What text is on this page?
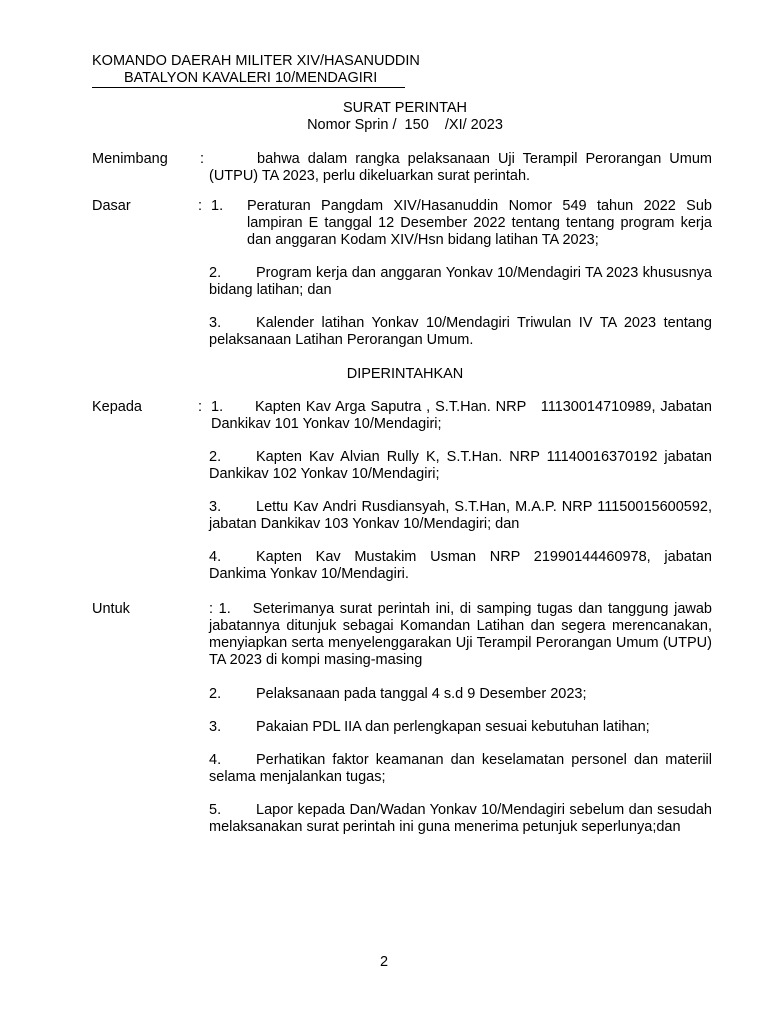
KOMANDO DAERAH MILITER XIV/HASANUDDIN
BATALYON KAVALERI 10/MENDAGIRI
SURAT PERINTAH
Nomor Sprin /  150    /XI/ 2023
Menimbang :	bahwa dalam rangka pelaksanaan Uji Terampil Perorangan Umum (UTPU) TA 2023, perlu dikeluarkan surat perintah.
Dasar	: 1. Peraturan Pangdam XIV/Hasanuddin Nomor 549 tahun 2022 Sub lampiran E tanggal 12 Desember 2022 tentang tentang program kerja dan anggaran Kodam XIV/Hsn bidang latihan TA 2023;
2. Program kerja dan anggaran Yonkav 10/Mendagiri TA 2023 khususnya bidang latihan; dan
3. Kalender latihan Yonkav 10/Mendagiri Triwulan IV TA 2023 tentang pelaksanaan Latihan Perorangan Umum.
DIPERINTAHKAN
Kepada	: 1. Kapten Kav Arga Saputra , S.T.Han. NRP   11130014710989, Jabatan Dankikav 101 Yonkav 10/Mendagiri;
2. Kapten Kav Alvian Rully K, S.T.Han. NRP 11140016370192 jabatan Dankikav 102 Yonkav 10/Mendagiri;
3. Lettu Kav Andri Rusdiansyah, S.T.Han, M.A.P. NRP 11150015600592, jabatan Dankikav 103 Yonkav 10/Mendagiri; dan
4. Kapten Kav Mustakim Usman NRP 21990144460978, jabatan Dankima Yonkav 10/Mendagiri.
Untuk	: 1. Seterimanya surat perintah ini, di samping tugas dan tanggung jawab jabatannya ditunjuk sebagai Komandan Latihan dan segera merencanakan, menyiapkan serta menyelenggarakan Uji Terampil Perorangan Umum (UTPU) TA 2023 di kompi masing-masing
2. Pelaksanaan pada tanggal 4 s.d 9 Desember 2023;
3. Pakaian PDL IIA dan perlengkapan sesuai kebutuhan latihan;
4. Perhatikan faktor keamanan dan keselamatan personel dan materiil selama menjalankan tugas;
5. Lapor kepada Dan/Wadan Yonkav 10/Mendagiri sebelum dan sesudah melaksanakan surat perintah ini guna menerima petunjuk seperlunya;dan
2
